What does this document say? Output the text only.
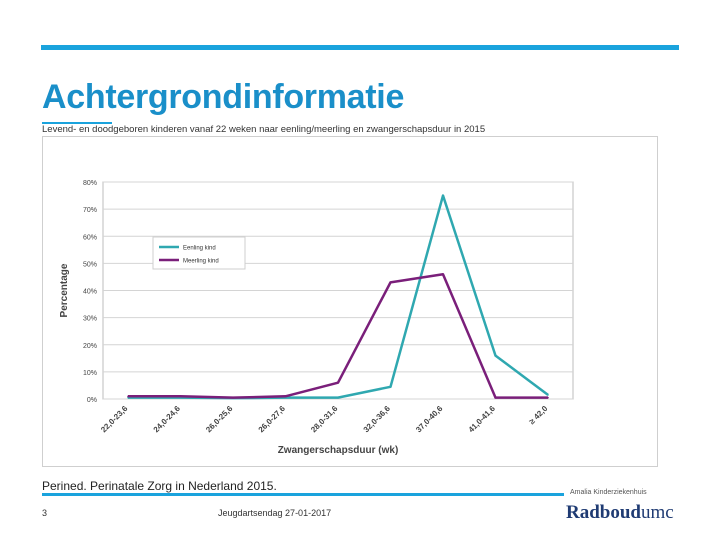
Achtergrondinformatie
Levend- en doodgeboren kinderen vanaf 22 weken naar eenling/meerling en zwangerschapsduur in 2015
0%
10%
20%
30%
40%
50%
60%
70%
80%
22,0-23,6	24,0-24,6	26,0-25,6	26,0-27,6	28,0-31,6	32,0-36,6	37,0-40,6	41,0-41,6	≥ 42,0
Eenling kind
Meerling kind
Zwangerschapsduur (wk)
Percentage
Perined. Perinatale Zorg in Nederland 2015.	Amalia Kinderziekenhuis
3	Jeugdartsendag 27-01-2017	Radboudumc
